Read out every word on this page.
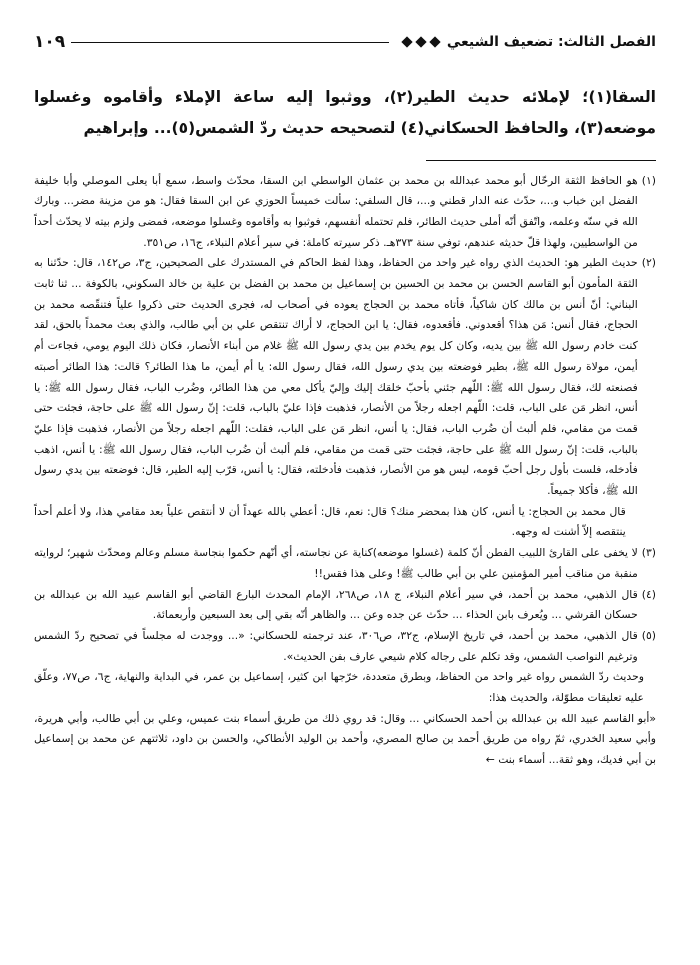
الفصل الثالث: تضعيف الشيعي
١٠٩

السقا(١)؛ لإملائه حديث الطير(٢)، ووثبوا إليه ساعة الإملاء وأقاموه وغسلوا موضعه(٣)، والحافظ الحسكاني(٤) لتصحيحه حديث ردّ الشمس(٥)... وإبراهيم

(١)
هو الحافظ الثقة الرحّال أبو محمد عبدالله بن محمد بن عثمان الواسطي ابن السقا، محدّث واسط، سمع أبا يعلى الموصلي وأبا خليفة الفضل ابن خباب و...، حدّث عنه الدار قطني و...، قال السلفي: سألت خميساً الحوزي عن ابن السقا فقال: هو من مزينة مضر... وبارك الله في سنّه وعلمه، واتّفق أنّه أملى حديث الطائر، فلم تحتمله أنفسهم، فوثبوا به وأقاموه وغسلوا موضعه، فمضى ولزم بيته لا يحدّث أحداً من الواسطيين، ولهذا قلّ حديثه عندهم، توفي سنة ٣٧٣هـ. ذكر سيرته كاملة: في سير أعلام النبلاء، ج١٦، ص٣٥١.
(٢)
حديث الطير هو: الحديث الذي رواه غير واحد من الحفاظ، وهذا لفظ الحاكم في المستدرك على الصحيحين، ج٣، ص١٤٢، قال: حدّثنا به الثقة المأمون أبو القاسم الحسن بن محمد بن الحسين بن إسماعيل بن محمد بن الفضل بن علية بن خالد السكوني، بالكوفة ... ثنا ثابت البناني: أنّ أنس بن مالك كان شاكياً، فأتاه محمد بن الحجاج يعوده في أصحاب له، فجرى الحديث حتى ذكروا علياً فتنقّصه محمد بن الحجاج، فقال أنس: مَن هذا؟ أقعدوني. فأقعدوه، فقال: يا ابن الحجاج، لا أراك تنتقص علي بن أبي طالب، والذي بعث محمداً بالحق، لقد كنت خادم رسول الله ﷺ بين يديه، وكان كل يوم يخدم بين يدي رسول الله ﷺ غلام من أبناء الأنصار، فكان ذلك اليوم يومي، فجاءت أم أيمن، مولاة رسول الله ﷺ، بطير فوضعته بين يدي رسول الله، فقال رسول الله: يا أم أيمن، ما هذا الطائر؟ قالت: هذا الطائر أصبته فصنعته لك، فقال رسول الله ﷺ: اللّهم جئني بأحبّ خلقك إليك وإليّ يأكل معي من هذا الطائر، وضُرب الباب، فقال رسول الله ﷺ: يا أنس، انظر مَن على الباب، قلت: اللّهم اجعله رجلاً من الأنصار، فذهبت فإذا عليّ بالباب، قلت: إنّ رسول الله ﷺ على حاجة، فجئت حتى قمت من مقامي، فلم ألبث أن ضُرب الباب، فقال: يا أنس، انظر مَن على الباب، فقلت: اللّهم اجعله رجلاً من الأنصار، فذهبت فإذا عليّ بالباب، قلت: إنّ رسول الله ﷺ على حاجة، فجئت حتى قمت من مقامي، فلم ألبث أن ضُرب الباب، فقال رسول الله ﷺ: يا أنس، اذهب فأدخله، فلست بأول رجل أحبّ قومه، ليس هو من الأنصار، فذهبت فأدخلته، فقال: يا أنس، قرّب إليه الطير، قال: فوضعته بين يدي رسول الله ﷺ، فأكلا جميعاً.
قال محمد بن الحجاج: يا أنس، كان هذا بمحضر منك؟ قال: نعم، قال: أعطي بالله عهداً أن لا أنتقص علياً بعد مقامي هذا، ولا أعلم أحداً ينتقصه إلاّ أشنت له وجهه.
(٣)
لا يخفى على القارئ اللبيب الفطن أنّ كلمة (غسلوا موضعه)كناية عن نجاسته، أي أنّهم حكموا بنجاسة مسلم وعالم ومحدّث شهير؛ لروايته منقبة من مناقب أمير المؤمنين علي بن أبي طالب ﷺ! وعلى هذا فقس!!
(٤)
قال الذهبي، محمد بن أحمد، في سير أعلام النبلاء، ج ١٨، ص٢٦٨، الإمام المحدث البارع القاضي أبو القاسم عبيد الله بن عبدالله بن حسكان القرشي ... ويُعرف بابن الحذاء ... حدّث عن جده وعن ... والظاهر أنّه بقي إلى بعد السبعين وأربعمائة.
(٥)
قال الذهبي، محمد بن أحمد، في تاريخ الإسلام، ج٣٢، ص٣٠٦، عند ترجمته للحسكاني: «... ووجدت له مجلساً في تصحيح ردّ الشمس وترغيم النواصب الشمس، وقد تكلم على رجاله كلام شيعي عارف بفن الحديث».

وحديث ردّ الشمس رواه غير واحد من الحفاظ، وبطرق متعددة، خرّجها ابن كثير، إسماعيل بن عمر، في البداية والنهاية، ج٦، ص٧٧، وعلّق عليه تعليقات مطوّلة، والحديث هذا:

«أبو القاسم عبيد الله بن عبدالله بن أحمد الحسكاني ... وقال: قد روي ذلك من طريق أسماء بنت عميس، وعلي بن أبي طالب، وأبي هريرة، وأبي سعيد الخدري، ثمّ رواه من طريق أحمد بن صالح المصري، وأحمد بن الوليد الأنطاكي، والحسن بن داود، ثلاثتهم عن محمد بن إسماعيل بن أبي فديك، وهو ثقة... أسماء بنت ←
